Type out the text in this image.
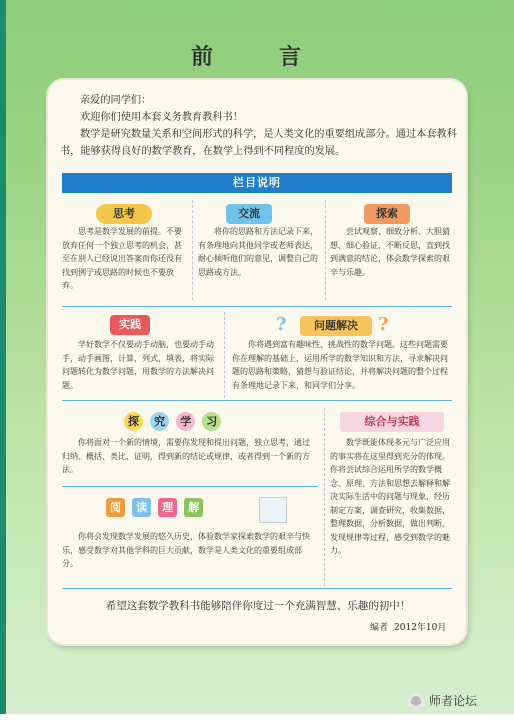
前　言

亲爱的同学们：

欢迎你们使用本套义务教育教科书！

数学是研究数量关系和空间形式的科学，是人类文化的重要组成部分。通过本套教科书，能够获得良好的数学教育，在数学上得到不同程度的发展。

栏目说明
思考

思考是数学发展的前提。不要放弃任何一个独立思考的机会，甚至在别人已经说出答案而你还没有找到例子或思路的时候也不要放弃。

交流

将你的思路和方法记录下来，有条理地向其他同学或老师表达，耐心倾听他们的意见，调整自己的思路或方法。

探索

尝试观察、细致分析、大胆猜想、细心验证，不断反思，直到找到满意的结论，体会数学探索的艰辛与乐趣。

实践

学好数学不仅要动手动脑，也要动手动手，动手画图，计算，列式，填表，将实际问题转化为数学问题，用数学的方法解决问题。

?	问题解决	?

你将遇到富有趣味性、挑战性的数学问题。这些问题需要你在理解的基础上，运用所学的数学知识和方法，寻求解决问题的思路和策略，猜想与验证结论，并将解决问题的整个过程有条理地记录下来，和同学们分享。

探 究 学 习

你将面对一个新的情境，需要你发现和提出问题，独立思考，通过归纳、概括、类比、证明，得到新的结论或规律，或者得到一个新的方法。

综合与实践

数学既能体现多元与广泛应用的事实将在这里得到充分的体现。你将尝试综合运用所学的数学概念、原理、方法和思想去解释和解决实际生活中的问题与现象，经历制定方案，调查研究，收集数据，整理数据，分析数据，做出判断，发现规律等过程，感受到数学的魅力。

阅 读 理 解

你将会发现数学发展的悠久历史，体验数学家探索数学的艰辛与快乐，感受数学对其他学科的巨大贡献，数学是人类文化的重要组成部分。

希望这套数学教科书能够陪伴你度过一个充满智慧、乐趣的初中！
编者 2012年10月
师者论坛
